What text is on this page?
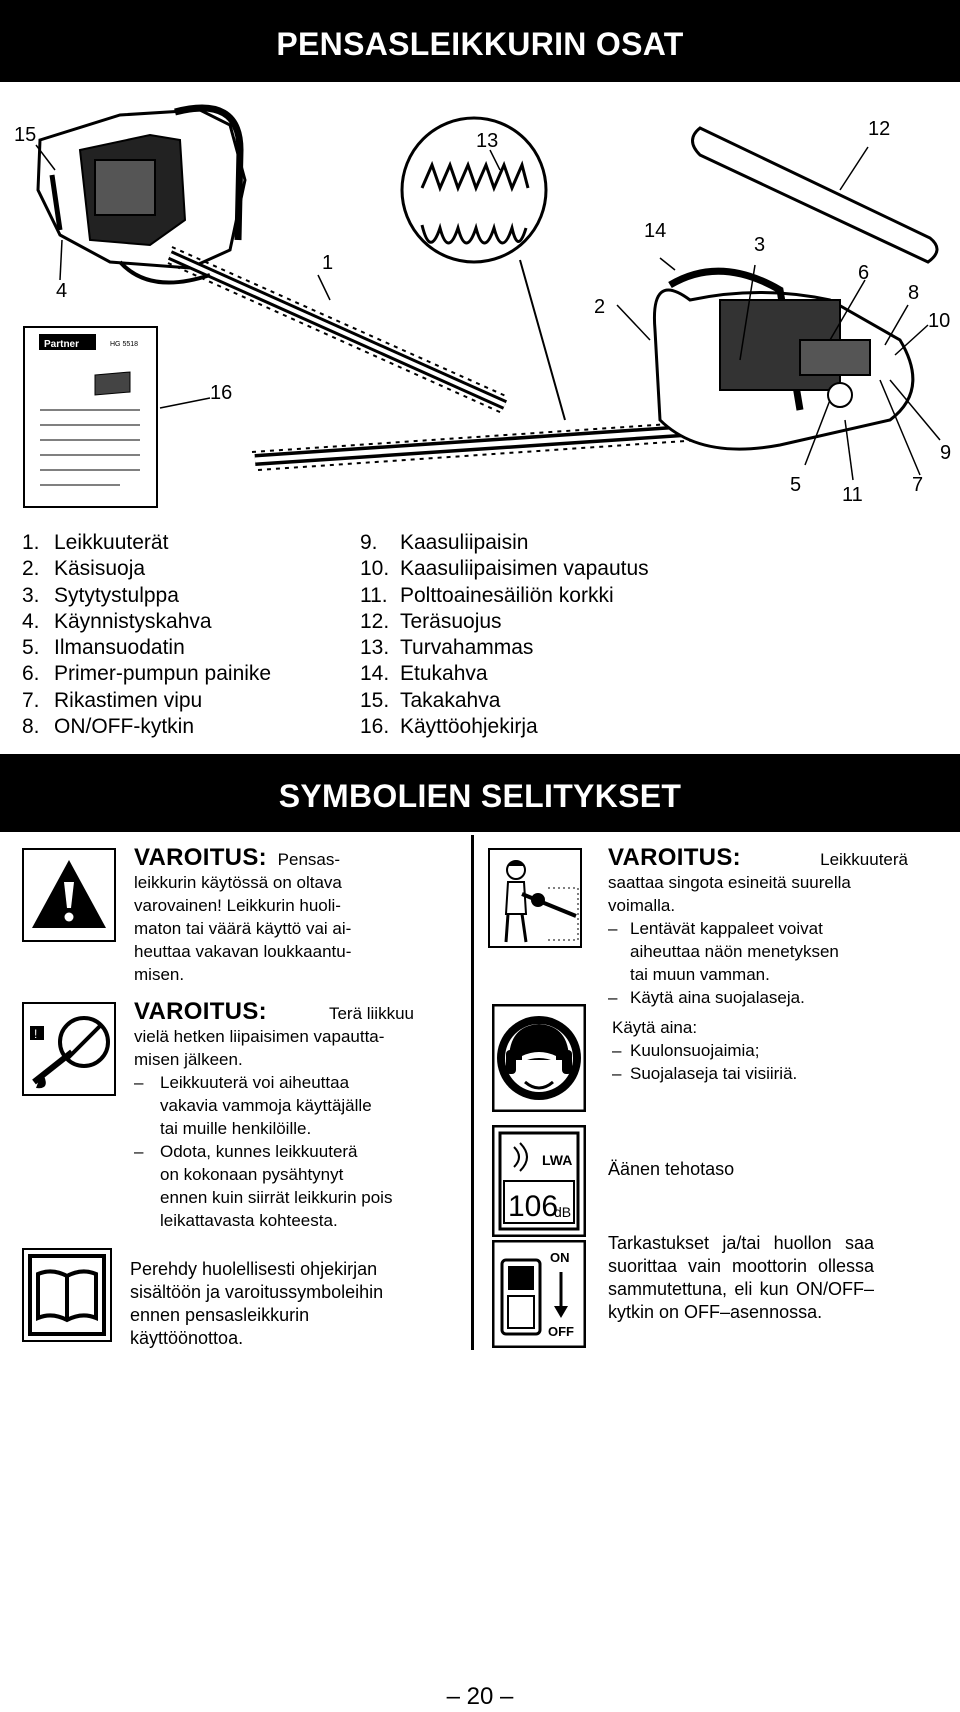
PENSASLEIKKURIN OSAT
Partner	HG 5518
15
4
1
13
2
14
3
12
6
8
10
16
5 11 7
9
1. Leikkuuterät
2. Käsisuoja
3. Sytytystulppa
4. Käynnistyskahva
5. Ilmansuodatin
6. Primer-pumpun painike
7. Rikastimen vipu
8. ON/OFF-kytkin
9. Kaasuliipaisin
10. Kaasuliipaisimen vapautus
11. Polttoainesäiliön korkki
12. Teräsuojus
13. Turvahammas
14. Etukahva
15. Takakahva
16. Käyttöohjekirja
SYMBOLIEN SELITYKSET
!
LWA
106
dB
ON
OFF
VAROITUS: Pensas-
leikkurin käytössä on oltava
varovainen! Leikkurin huoli-
maton tai väärä käyttö vai ai-
heuttaa vakavan loukkaantu-
misen.
VAROITUS:	Terä liikkuu
vielä hetken liipaisimen vapautta-
misen jälkeen.
– Leikkuuterä voi aiheuttaa
vakavia vammoja käyttäjälle
tai muille henkilöille.
– Odota, kunnes leikkuuterä
on kokonaan pysähtynyt
ennen kuin siirrät leikkurin pois
leikattavasta kohteesta.
Perehdy huolellisesti ohjekirjan
sisältöön ja varoitussymboleihin
ennen pensasleikkurin
käyttöönottoa.
VAROITUS:	Leikkuuterä
saattaa singota esineitä suurella
voimalla.
– Lentävät kappaleet voivat
aiheuttaa näön menetyksen
tai muun vamman.
– Käytä aina suojalaseja.
Käytä aina:
– Kuulonsuojaimia;
– Suojalaseja tai visiiriä.
Äänen tehotaso
Tarkastukset ja/tai huollon saa suorittaa vain moottorin ollessa sammutettuna, eli kun ON/OFF–kytkin on OFF–asennossa.
– 20 –
